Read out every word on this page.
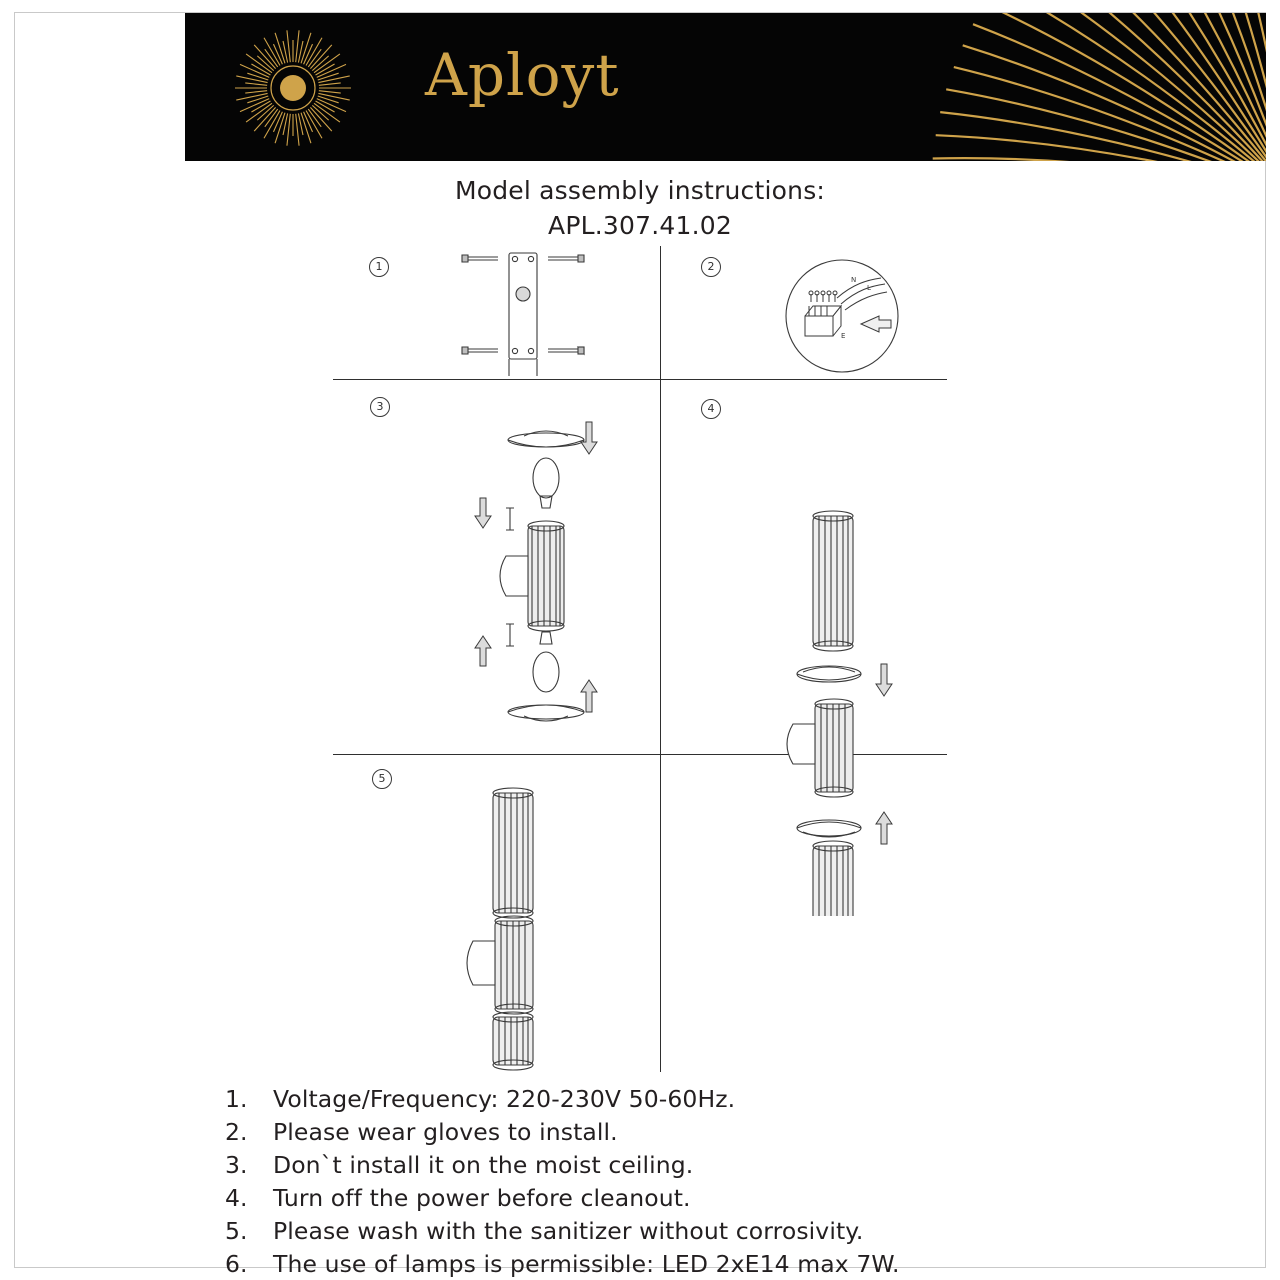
Aployt
Model assembly instructions:
APL.307.41.02
1	2
3	4
5
N
L
E
1.	Voltage/Frequency: 220-230V 50-60Hz.
2.	Please wear gloves to install.
3.	Don`t install it on the moist ceiling.
4.	Turn off the power before cleanout.
5.	Please wash with the sanitizer without corrosivity.
6.	The use of lamps is permissible: LED 2xE14 max 7W.
